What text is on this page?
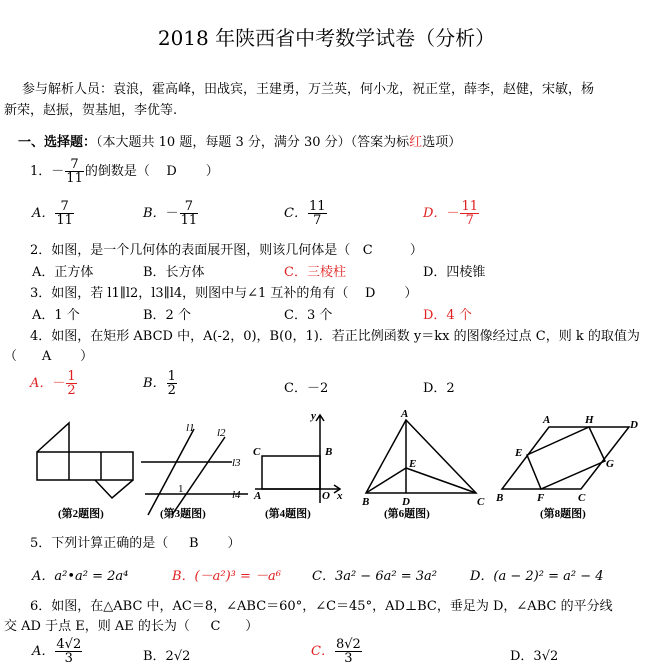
2018 年陕西省中考数学试卷（分析）
参与解析人员：袁浪，霍高峰，田战宾，王建勇，万兰英，何小龙，祝正堂，薛李，赵健，宋敏，杨
新荣，赵振，贺基旭，李优等.
一、选择题：（本大题共 10 题，每题 3 分，满分 30 分）（答案为标红选项）
1．－ $\frac{7}{11}$ 的倒数是（ D ）
A． $\frac{7}{11}$	B．－ $\frac{7}{11}$	C． $\frac{11}{7}$	D．－ $\frac{11}{7}$
2．如图，是一个几何体的表面展开图，则该几何体是（ C	）
A．正方体	B．长方体	C．三棱柱	D．四棱锥
3．如图，若 l1∥l2，l3∥l4，则图中与∠1 互补的角有（ D ）
A．1 个	B．2 个	C．3 个	D．4 个
4．如图，在矩形 ABCD 中，A(-2，0)，B(0，1)．若正比例函数 y＝kx 的图像经过点 C，则 k 的取值为
（ A ）
A．－ $\frac{1}{2}$	B． $\frac{1}{2}$	C．－2	D．2
l1 l2
l3
l4
1
C	B
A	O x
y	A
E
B	D	C
A	H	D
E
G
B	F	C
(第2题图)	(第3题图)	(第4题图)	(第6题图)	(第8题图)
5．下列计算正确的是（ B ）
A．a²•a² = 2a⁴	B．(－a²)³ = －a⁶ C．3a² − 6a² = 3a²	D．(a − 2)² = a² − 4
6．如图，在△ABC 中，AC＝8，∠ABC＝60°，∠C＝45°，AD⊥BC，垂足为 D，∠ABC 的平分线
交 AD 于点 E，则 AE 的长为（ C ）
A． $\frac{4√2}{3}$	B．2√2	C． $\frac{8√2}{3}$	D．3√2
